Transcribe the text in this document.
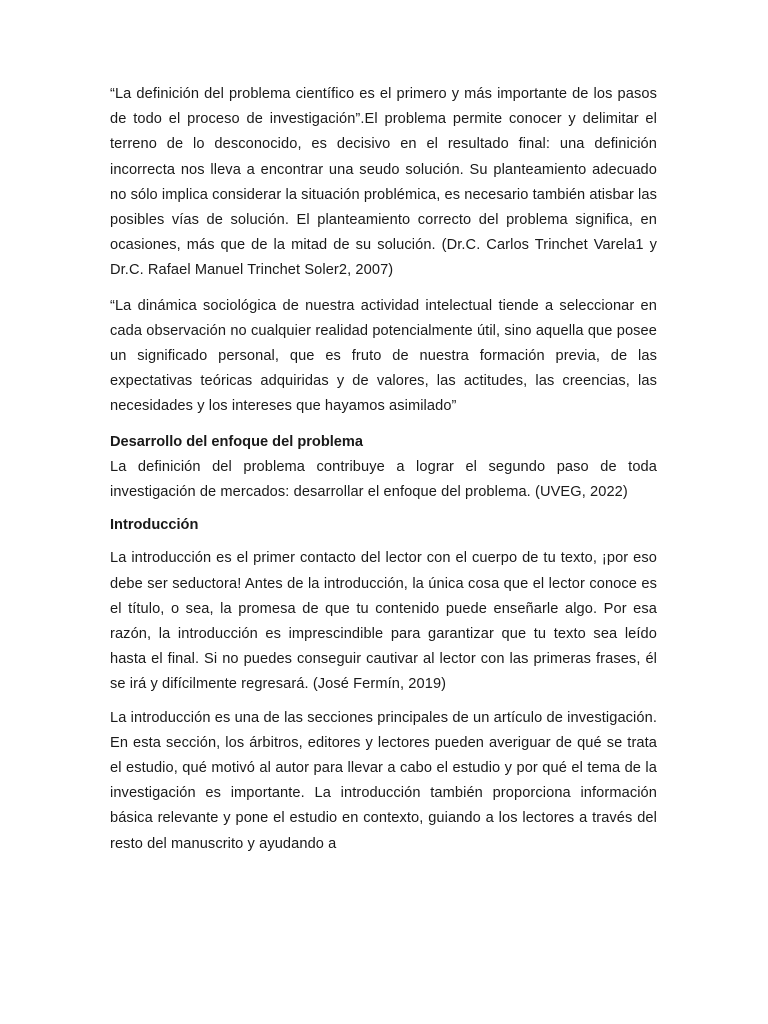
“La definición del problema científico es el primero y más importante de los pasos de todo el proceso de investigación”.El problema permite conocer y delimitar el terreno de lo desconocido, es decisivo en el resultado final: una definición incorrecta nos lleva a encontrar una seudo solución. Su planteamiento adecuado no sólo implica considerar la situación problémica, es necesario también atisbar las posibles vías de solución. El planteamiento correcto del problema significa, en ocasiones, más que de la mitad de su solución. (Dr.C. Carlos Trinchet Varela1 y Dr.C. Rafael Manuel Trinchet Soler2, 2007)

“La dinámica sociológica de nuestra actividad intelectual tiende a seleccionar en cada observación no cualquier realidad potencialmente útil, sino aquella que posee un significado personal, que es fruto de nuestra formación previa, de las expectativas teóricas adquiridas y de valores, las actitudes, las creencias, las necesidades y los intereses que hayamos asimilado”

Desarrollo del enfoque del problema

La definición del problema contribuye a lograr el segundo paso de toda investigación de mercados: desarrollar el enfoque del problema. (UVEG, 2022)

Introducción

La introducción es el primer contacto del lector con el cuerpo de tu texto, ¡por eso debe ser seductora! Antes de la introducción, la única cosa que el lector conoce es el título, o sea, la promesa de que tu contenido puede enseñarle algo. Por esa razón, la introducción es imprescindible para garantizar que tu texto sea leído hasta el final. Si no puedes conseguir cautivar al lector con las primeras frases, él se irá y difícilmente regresará. (José Fermín, 2019)

La introducción es una de las secciones principales de un artículo de investigación. En esta sección, los árbitros, editores y lectores pueden averiguar de qué se trata el estudio, qué motivó al autor para llevar a cabo el estudio y por qué el tema de la investigación es importante. La introducción también proporciona información básica relevante y pone el estudio en contexto, guiando a los lectores a través del resto del manuscrito y ayudando a
